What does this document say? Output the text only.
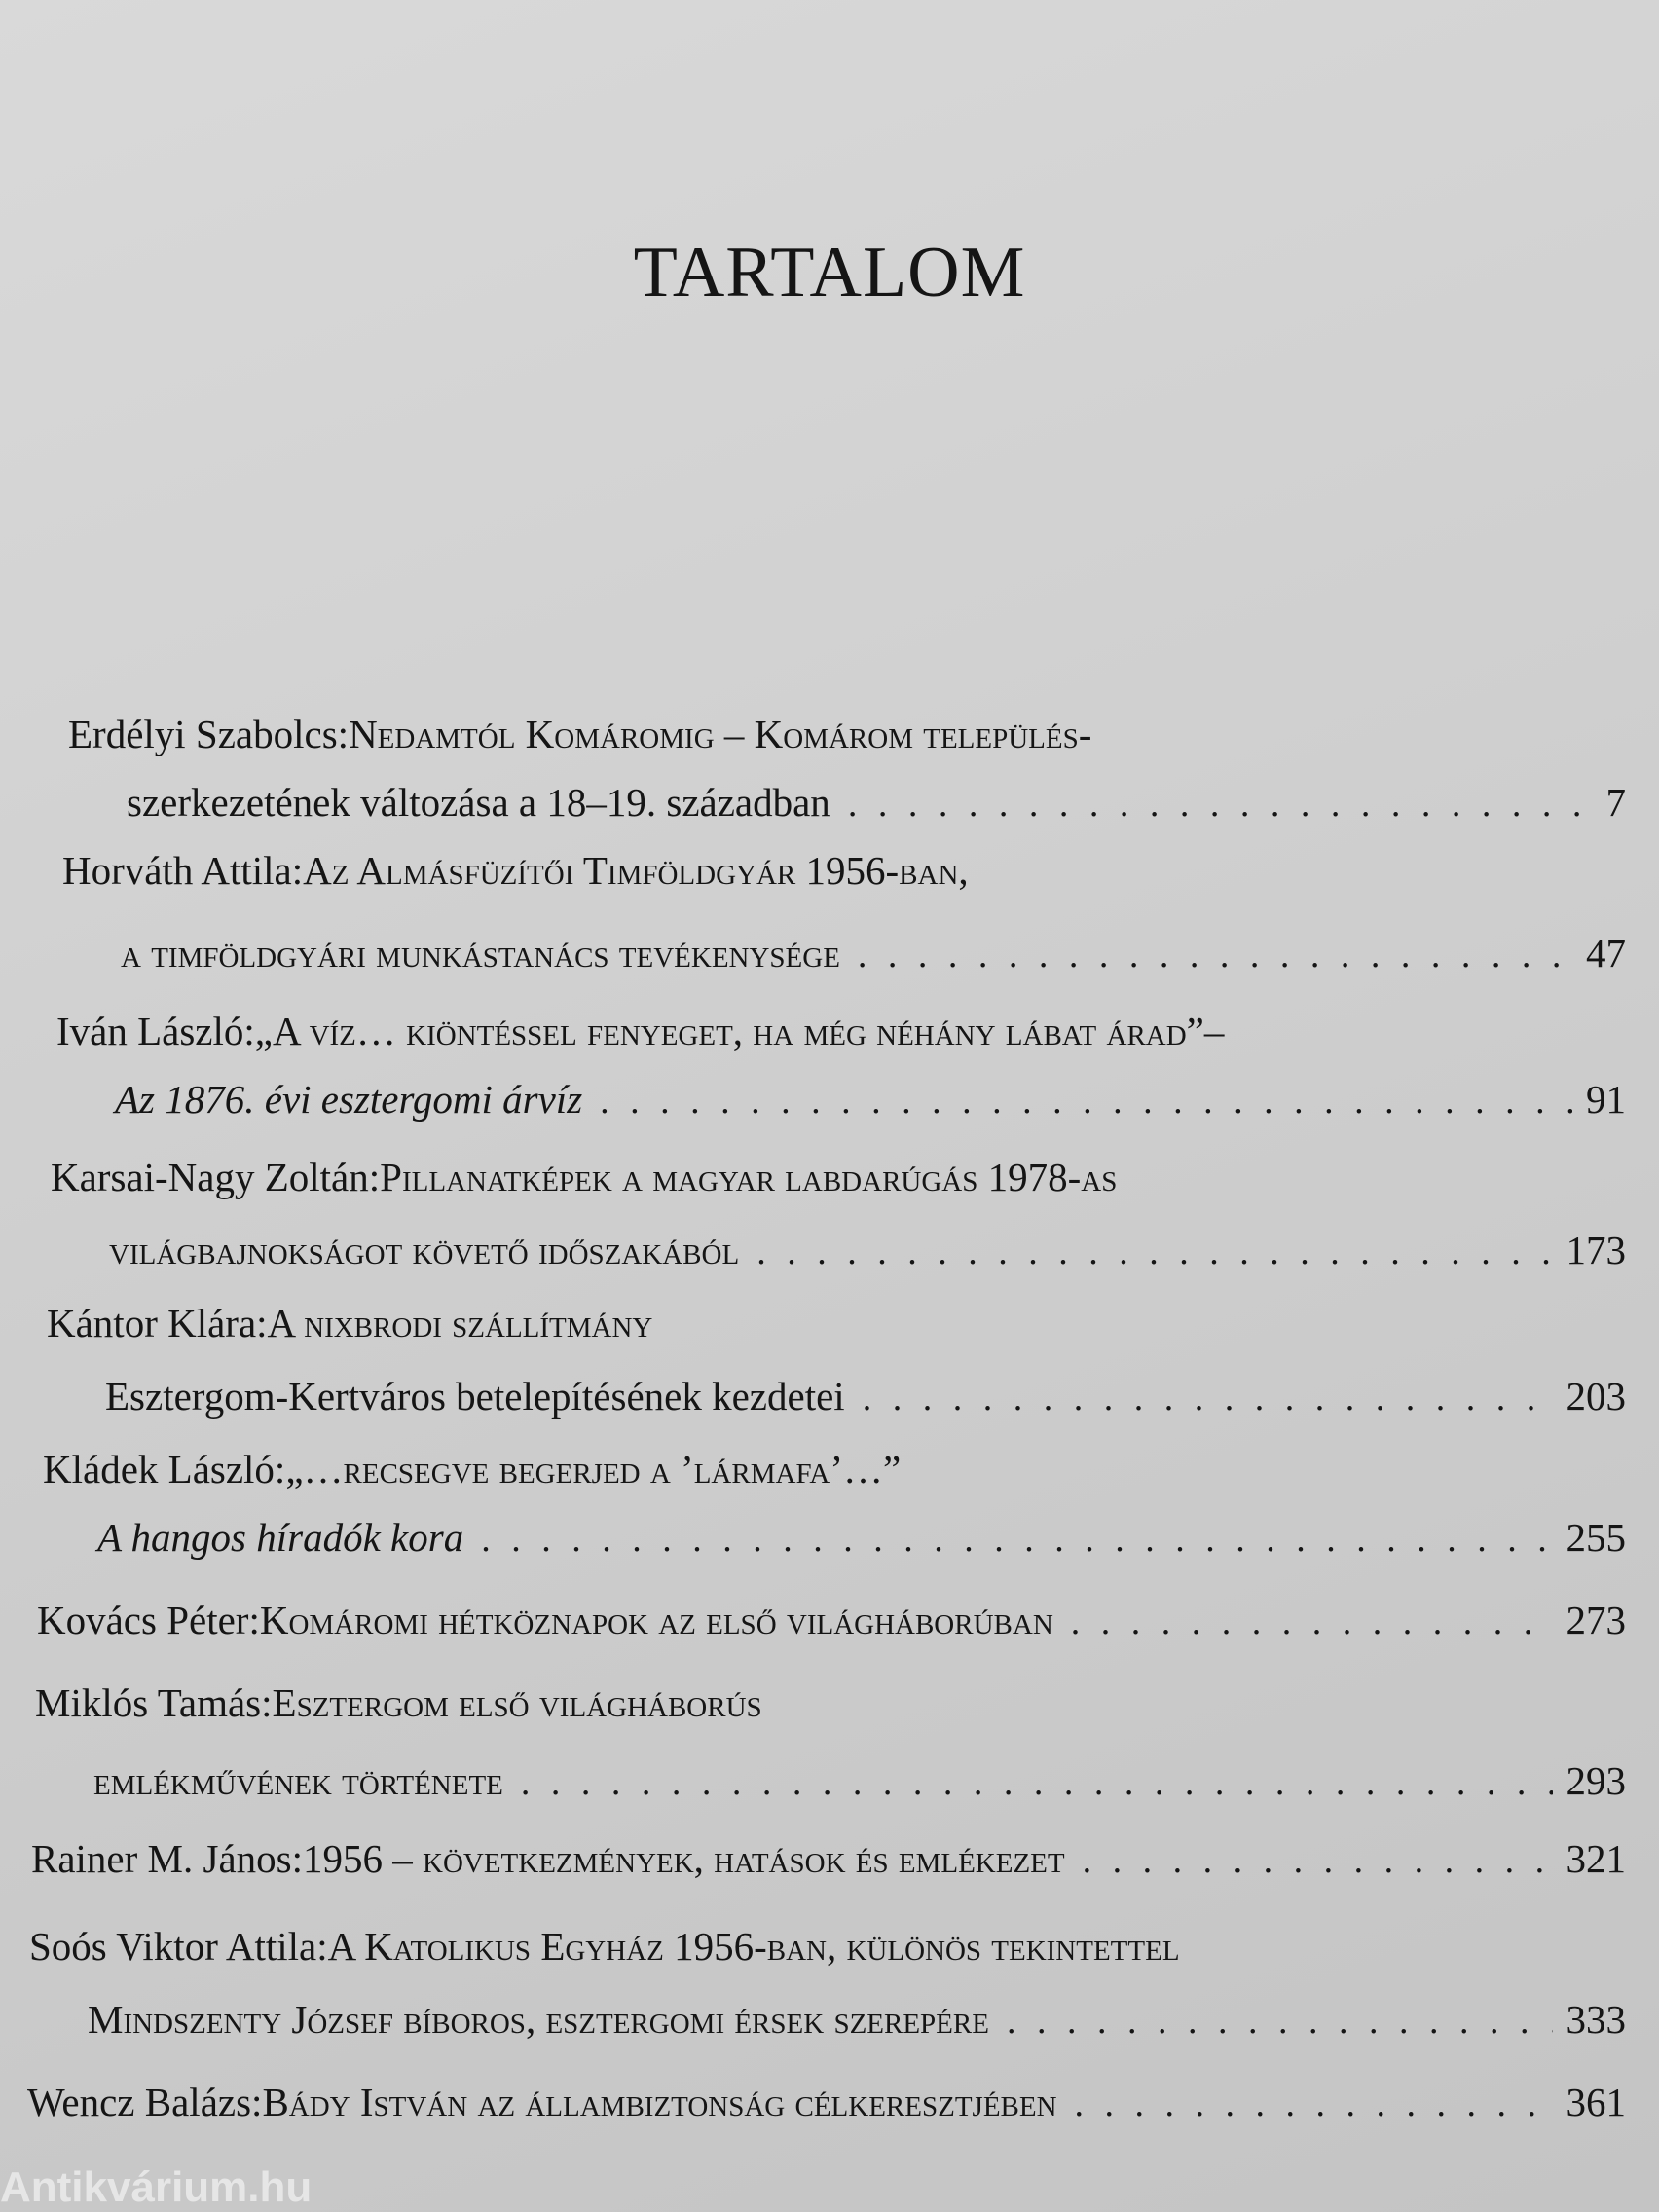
TARTALOM
Erdélyi Szabolcs: Nedamtól Komáromig – Komárom település-
szerkezetének változása a 18–19. században . . .	7
Horváth Attila: Az Almásfüzítői Timföldgyár 1956-ban,
a timföldgyári munkástanács tevékenysége . . .	47
Iván László: „A víz… kiöntéssel fenyeget, ha még néhány lábat árad”–
Az 1876. évi esztergomi árvíz . . .	91
Karsai-Nagy Zoltán: Pillanatképek a magyar labdarúgás 1978-as
világbajnokságot követő időszakából . . .	173
Kántor Klára: A nixbrodi szállítmány
Esztergom-Kertváros betelepítésének kezdetei . . .	203
Kládek László: „…recsegve begerjed a ’lármafa’…”
A hangos híradók kora . . .	255
Kovács Péter: Komáromi hétköznapok az első világháborúban . . .	273
Miklós Tamás: Esztergom első világháborús
emlékművének története . . .	293
Rainer M. János: 1956 – következmények, hatások és emlékezet . . .	321
Soós Viktor Attila: A Katolikus Egyház 1956-ban, különös tekintettel
Mindszenty József bíboros, esztergomi érsek szerepére . . .	333
Wencz Balázs: Bády István az állambiztonság célkeresztjében . . .	361
Antikvárium.hu
